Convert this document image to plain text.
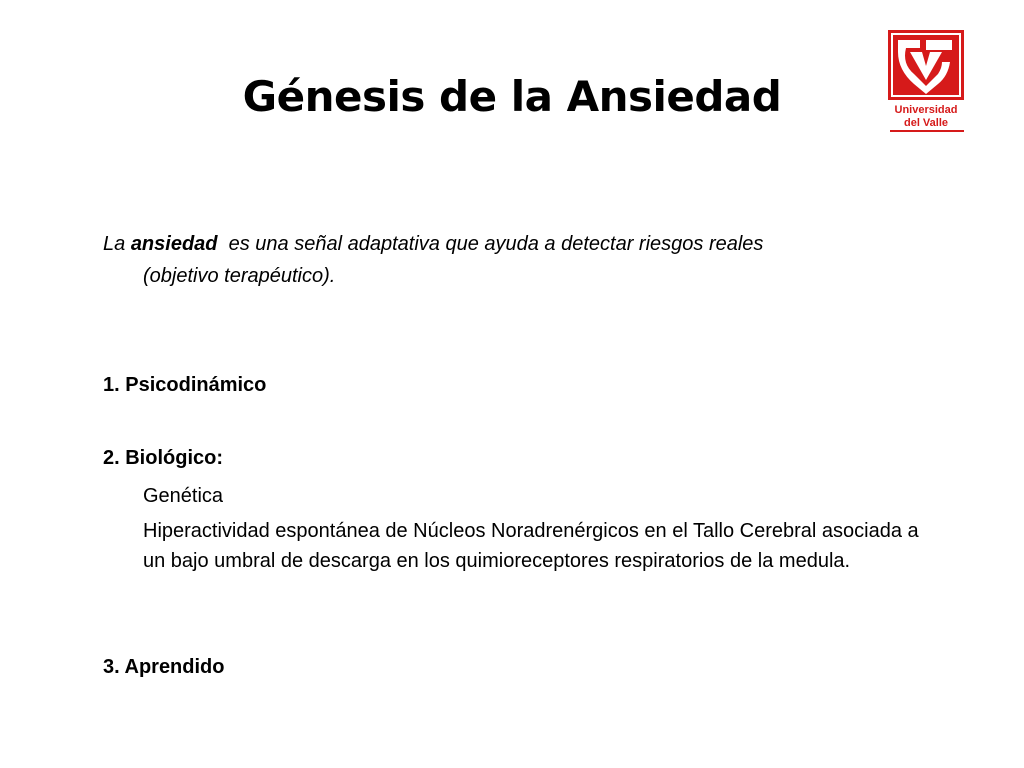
Génesis de la Ansiedad	Universidad
del Valle
La ansiedad  es una señal adaptativa que ayuda a detectar riesgos reales
(objetivo terapéutico).
1. Psicodinámico
2. Biológico:
Genética
Hiperactividad espontánea de Núcleos Noradrenérgicos en el Tallo Cerebral asociada a un bajo umbral de descarga en los quimioreceptores respiratorios de la medula.
3. Aprendido
